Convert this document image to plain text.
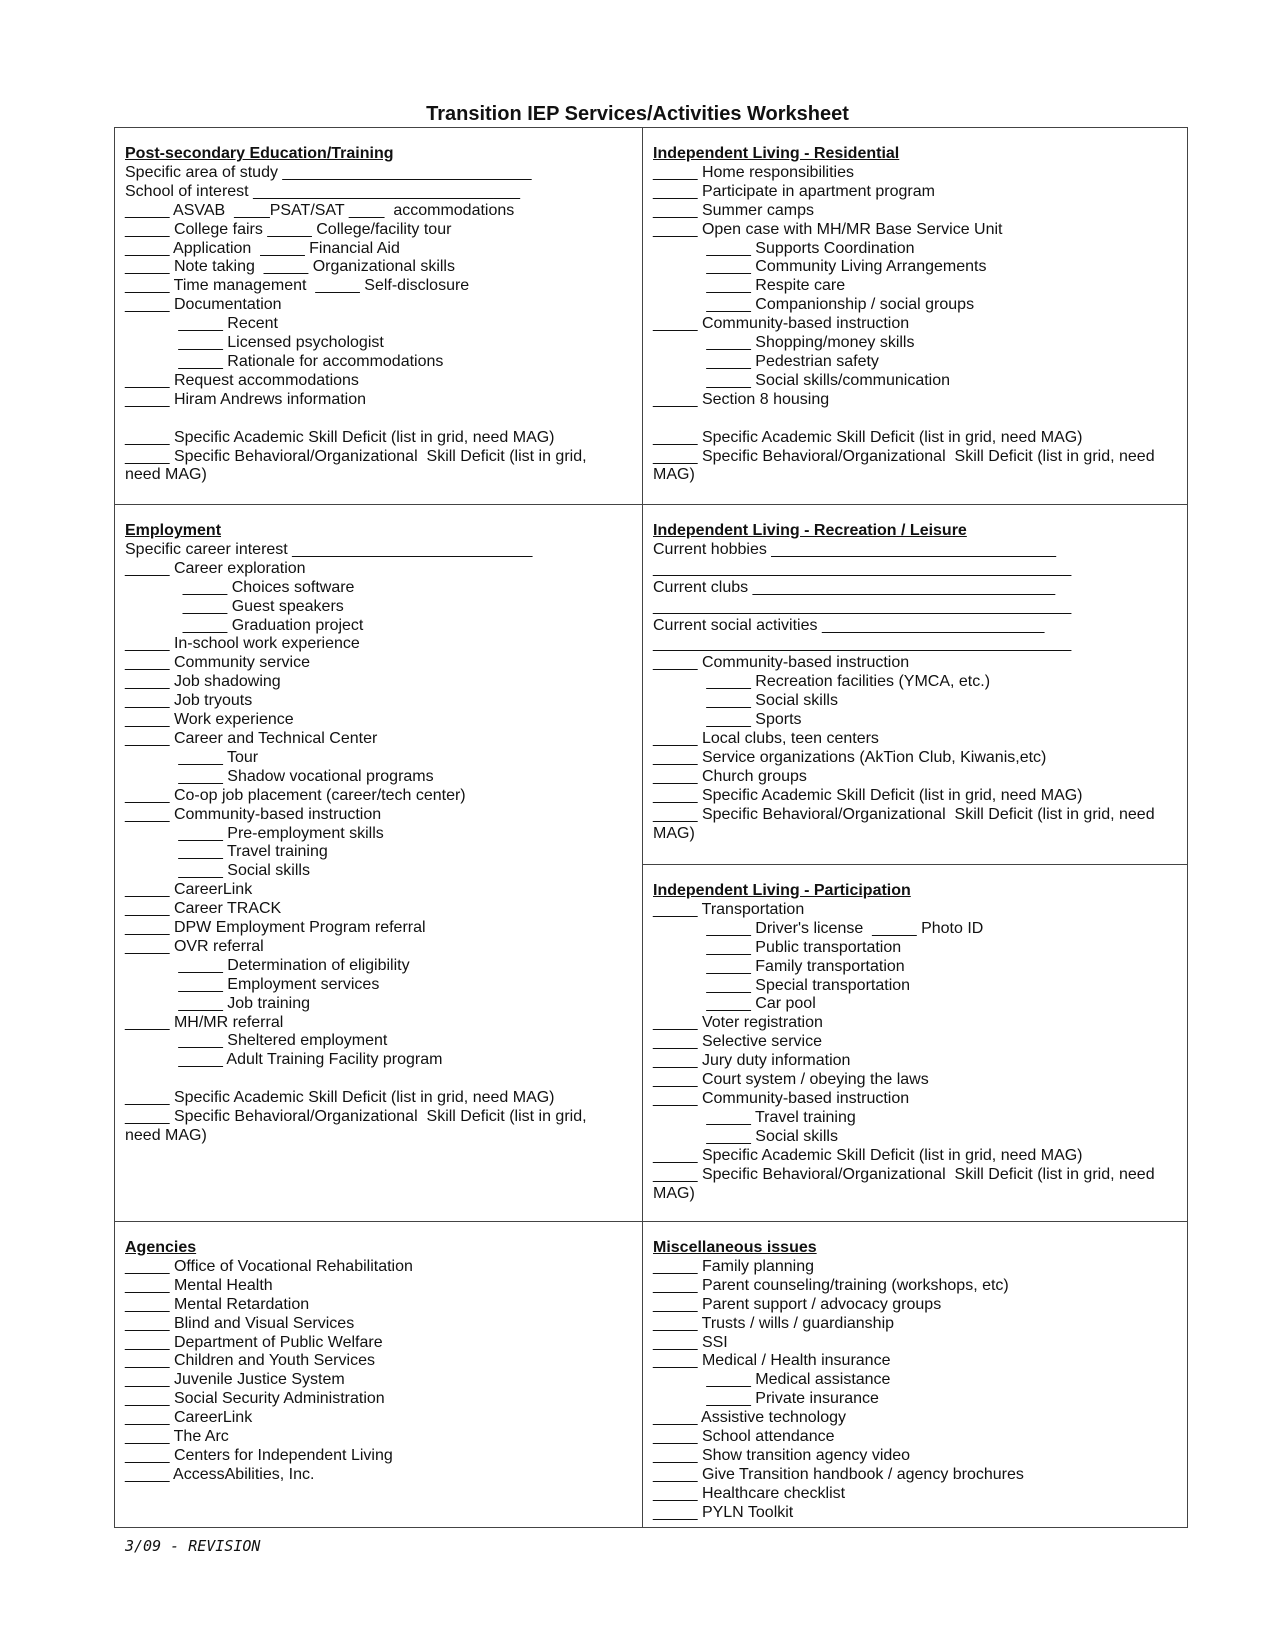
Transition IEP Services/Activities Worksheet
Post-secondary Education/Training
Specific area of study ____________________________
School of interest ______________________________
_____ ASVAB  ____PSAT/SAT ____  accommodations
_____ College fairs _____ College/facility tour
_____ Application  _____ Financial Aid
_____ Note taking  _____ Organizational skills
_____ Time management  _____ Self-disclosure
_____ Documentation
_____ Recent
_____ Licensed psychologist
_____ Rationale for accommodations
_____ Request accommodations
_____ Hiram Andrews information

_____ Specific Academic Skill Deficit (list in grid, need MAG)
_____ Specific Behavioral/Organizational  Skill Deficit (list in grid,
need MAG)
Independent Living - Residential
_____ Home responsibilities
_____ Participate in apartment program
_____ Summer camps
_____ Open case with MH/MR Base Service Unit
_____ Supports Coordination
_____ Community Living Arrangements
_____ Respite care
_____ Companionship / social groups
_____ Community-based instruction
_____ Shopping/money skills
_____ Pedestrian safety
_____ Social skills/communication
_____ Section 8 housing

_____ Specific Academic Skill Deficit (list in grid, need MAG)
_____ Specific Behavioral/Organizational  Skill Deficit (list in grid, need
MAG)
Employment
Specific career interest ___________________________
_____ Career exploration
_____ Choices software
_____ Guest speakers
_____ Graduation project
_____ In-school work experience
_____ Community service
_____ Job shadowing
_____ Job tryouts
_____ Work experience
_____ Career and Technical Center
_____ Tour
_____ Shadow vocational programs
_____ Co-op job placement (career/tech center)
_____ Community-based instruction
_____ Pre-employment skills
_____ Travel training
_____ Social skills
_____ CareerLink
_____ Career TRACK
_____ DPW Employment Program referral
_____ OVR referral
_____ Determination of eligibility
_____ Employment services
_____ Job training
_____ MH/MR referral
_____ Sheltered employment
_____ Adult Training Facility program

_____ Specific Academic Skill Deficit (list in grid, need MAG)
_____ Specific Behavioral/Organizational  Skill Deficit (list in grid,
need MAG)
Independent Living - Recreation / Leisure
Current hobbies ________________________________
_______________________________________________
Current clubs __________________________________
_______________________________________________
Current social activities _________________________
_______________________________________________
_____ Community-based instruction
_____ Recreation facilities (YMCA, etc.)
_____ Social skills
_____ Sports
_____ Local clubs, teen centers
_____ Service organizations (AkTion Club, Kiwanis,etc)
_____ Church groups
_____ Specific Academic Skill Deficit (list in grid, need MAG)
_____ Specific Behavioral/Organizational  Skill Deficit (list in grid, need
MAG)
Independent Living - Participation
_____ Transportation
_____ Driver's license  _____ Photo ID
_____ Public transportation
_____ Family transportation
_____ Special transportation
_____ Car pool
_____ Voter registration
_____ Selective service
_____ Jury duty information
_____ Court system / obeying the laws
_____ Community-based instruction
_____ Travel training
_____ Social skills
_____ Specific Academic Skill Deficit (list in grid, need MAG)
_____ Specific Behavioral/Organizational  Skill Deficit (list in grid, need
MAG)
Agencies
_____ Office of Vocational Rehabilitation
_____ Mental Health
_____ Mental Retardation
_____ Blind and Visual Services
_____ Department of Public Welfare
_____ Children and Youth Services
_____ Juvenile Justice System
_____ Social Security Administration
_____ CareerLink
_____ The Arc
_____ Centers for Independent Living
_____ AccessAbilities, Inc.
Miscellaneous issues
_____ Family planning
_____ Parent counseling/training (workshops, etc)
_____ Parent support / advocacy groups
_____ Trusts / wills / guardianship
_____ SSI
_____ Medical / Health insurance
_____ Medical assistance
_____ Private insurance
_____ Assistive technology
_____ School attendance
_____ Show transition agency video
_____ Give Transition handbook / agency brochures
_____ Healthcare checklist
_____ PYLN Toolkit
3/09 - REVISION
